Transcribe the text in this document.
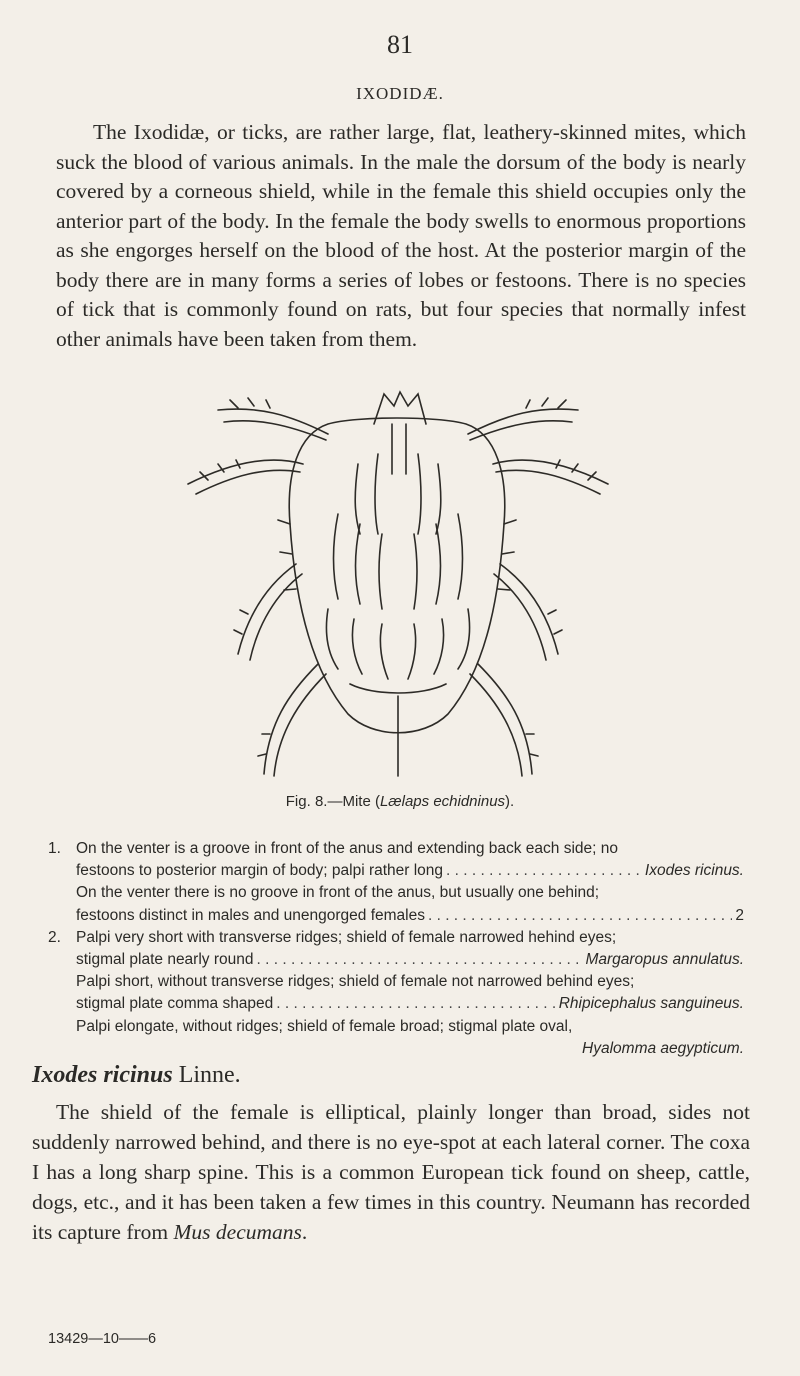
81
IXODIDÆ.

The Ixodidæ, or ticks, are rather large, flat, leathery-skinned mites, which suck the blood of various animals. In the male the dorsum of the body is nearly covered by a corneous shield, while in the female this shield occupies only the anterior part of the body. In the female the body swells to enormous proportions as she engorges herself on the blood of the host. At the posterior margin of the body there are in many forms a series of lobes or festoons. There is no species of tick that is commonly found on rats, but four species that normally infest other animals have been taken from them.

Fig. 8.—Mite (Lælaps echidninus).
1. On the venter is a groove in front of the anus and extending back each side; no
festoons to posterior margin of body; palpi rather long . . .	Ixodes ricinus.
On the venter there is no groove in front of the anus, but usually one behind;
festoons distinct in males and unengorged females . . .	2
2. Palpi very short with transverse ridges; shield of female narrowed hehind eyes;
stigmal plate nearly round . . .	Margaropus annulatus.
Palpi short, without transverse ridges; shield of female not narrowed behind eyes;
stigmal plate comma shaped . . .	Rhipicephalus sanguineus.
Palpi elongate, without ridges; shield of female broad; stigmal plate oval,
Hyalomma aegypticum.
Ixodes ricinus Linne.

The shield of the female is elliptical, plainly longer than broad, sides not suddenly narrowed behind, and there is no eye-spot at each lateral corner. The coxa I has a long sharp spine. This is a common European tick found on sheep, cattle, dogs, etc., and it has been taken a few times in this country. Neumann has recorded its capture from Mus decumans.

13429—10——6
